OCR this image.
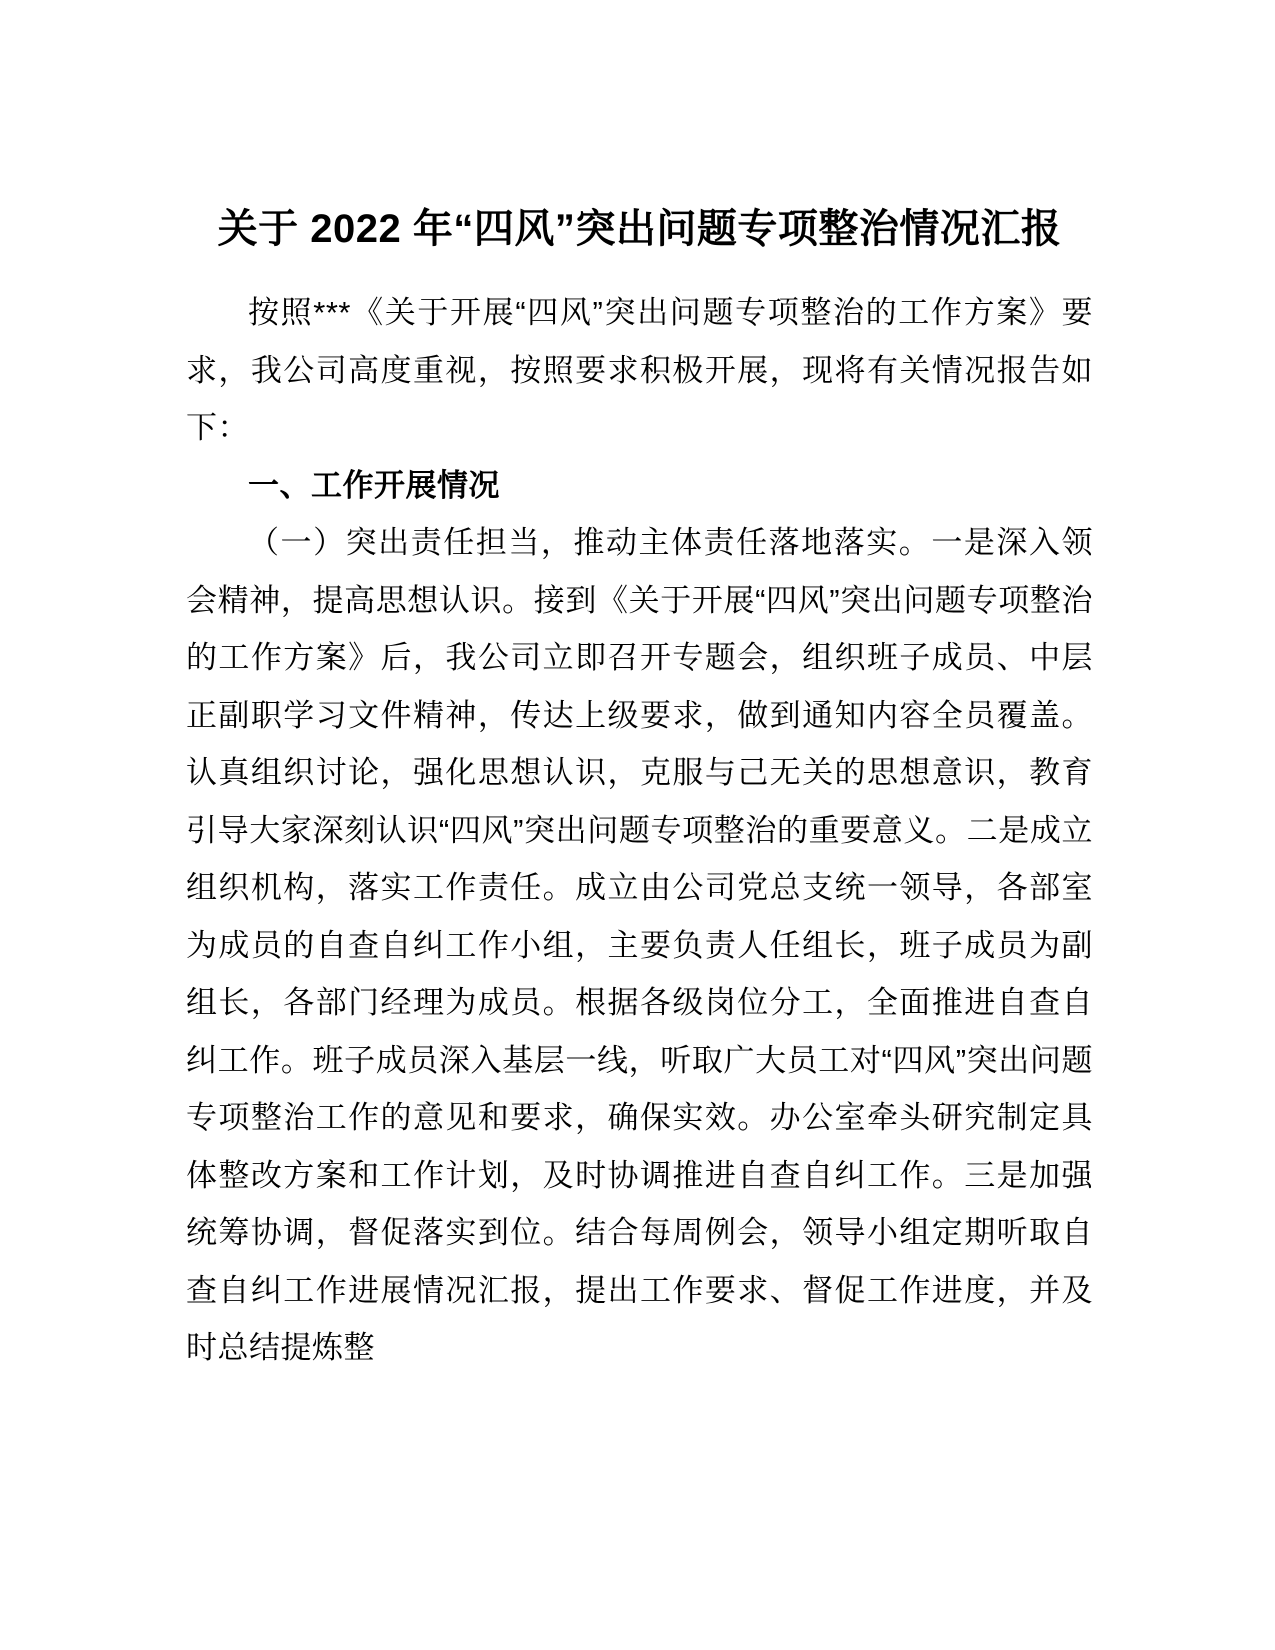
关于 2022 年“四风”突出问题专项整治情况汇报

按照***《关于开展“四风”突出问题专项整治的工作方案》要求，我公司高度重视，按照要求积极开展，现将有关情况报告如下：

一、工作开展情况

（一）突出责任担当，推动主体责任落地落实。一是深入领会精神，提高思想认识。接到《关于开展“四风”突出问题专项整治的工作方案》后，我公司立即召开专题会，组织班子成员、中层正副职学习文件精神，传达上级要求，做到通知内容全员覆盖。认真组织讨论，强化思想认识，克服与己无关的思想意识，教育引导大家深刻认识“四风”突出问题专项整治的重要意义。二是成立组织机构，落实工作责任。成立由公司党总支统一领导，各部室为成员的自查自纠工作小组，主要负责人任组长，班子成员为副组长，各部门经理为成员。根据各级岗位分工，全面推进自查自纠工作。班子成员深入基层一线，听取广大员工对“四风”突出问题专项整治工作的意见和要求，确保实效。办公室牵头研究制定具体整改方案和工作计划，及时协调推进自查自纠工作。三是加强统筹协调，督促落实到位。结合每周例会，领导小组定期听取自查自纠工作进展情况汇报，提出工作要求、督促工作进度，并及时总结提炼整
